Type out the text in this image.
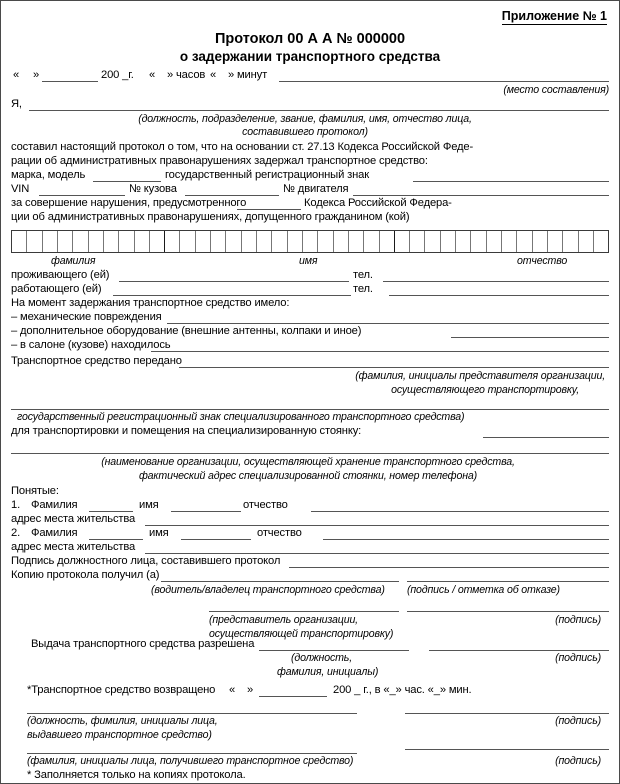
Приложение № 1
Протокол 00 А А № 000000
о задержании транспортного средства
« »	200 _г. « » часов « » минут
(место составления)
Я,
(должность, подразделение, звание, фамилия, имя, отчество лица,
составившего протокол)
составил настоящий протокол о том, что на основании ст. 27.13 Кодекса Российской Феде-
рации об административных правонарушениях задержал транспортное средство:
марка, модель	государственный регистрационный знак
VIN	№ кузова	№ двигателя
за совершение нарушения, предусмотренного	Кодекса Российской Федера-
ции об административных правонарушениях, допущенного гражданином (кой)
фамилия	имя	отчество
проживающего (ей)	тел.
работающего (ей)	тел.
На момент задержания транспортное средство имело:
– механические повреждения
– дополнительное оборудование (внешние антенны, колпаки и иное)
– в салоне (кузове) находилось
Транспортное средство передано
(фамилия, инициалы представителя организации,
осуществляющего транспортировку,
государственный регистрационный знак специализированного транспортного средства)
для транспортировки и помещения на специализированную стоянку:
(наименование организации, осуществляющей хранение транспортного средства,
фактический адрес специализированной стоянки, номер телефона)
Понятые:
1. Фамилия	имя	отчество
адрес места жительства
2. Фамилия	имя	отчество
адрес места жительства
Подпись должностного лица, составившего протокол
Копию протокола получил (а)
(водитель/владелец транспортного средства) (подпись / отметка об отказе)
(представитель организации,
осуществляющей транспортировку)
(подпись)
Выдача транспортного средства разрешена
(должность,
фамилия, инициалы)
(подпись)
*Транспортное средство возвращено « »	200 _ г., в «_» час. «_» мин.
(должность, фимилия, инициалы лица,
выдавшего транспортное средство)
(подпись)
(фамилия, инициалы лица, получившего транспортное средство)	(подпись)
* Заполняется только на копиях протокола.
